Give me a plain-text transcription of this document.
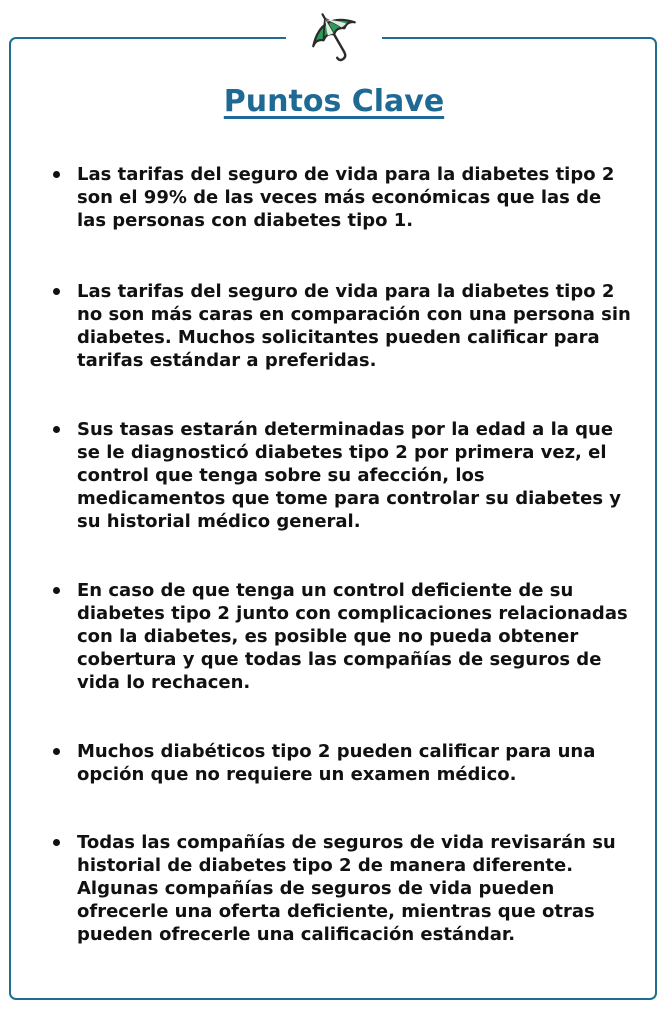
Puntos Clave
Las tarifas del seguro de vida para la diabetes tipo 2 son el 99% de las veces más económicas que las de las personas con diabetes tipo 1.
Las tarifas del seguro de vida para la diabetes tipo 2 no son más caras en comparación con una persona sin diabetes. Muchos solicitantes pueden calificar para tarifas estándar a preferidas.
Sus tasas estarán determinadas por la edad a la que se le diagnosticó diabetes tipo 2 por primera vez, el control que tenga sobre su afección, los medicamentos que tome para controlar su diabetes y su historial médico general.
En caso de que tenga un control deficiente de su diabetes tipo 2 junto con complicaciones relacionadas con la diabetes, es posible que no pueda obtener cobertura y que todas las compañías de seguros de vida lo rechacen.
Muchos diabéticos tipo 2 pueden calificar para una opción que no requiere un examen médico.
Todas las compañías de seguros de vida revisarán su historial de diabetes tipo 2 de manera diferente. Algunas compañías de seguros de vida pueden ofrecerle una oferta deficiente, mientras que otras pueden ofrecerle una calificación estándar.
